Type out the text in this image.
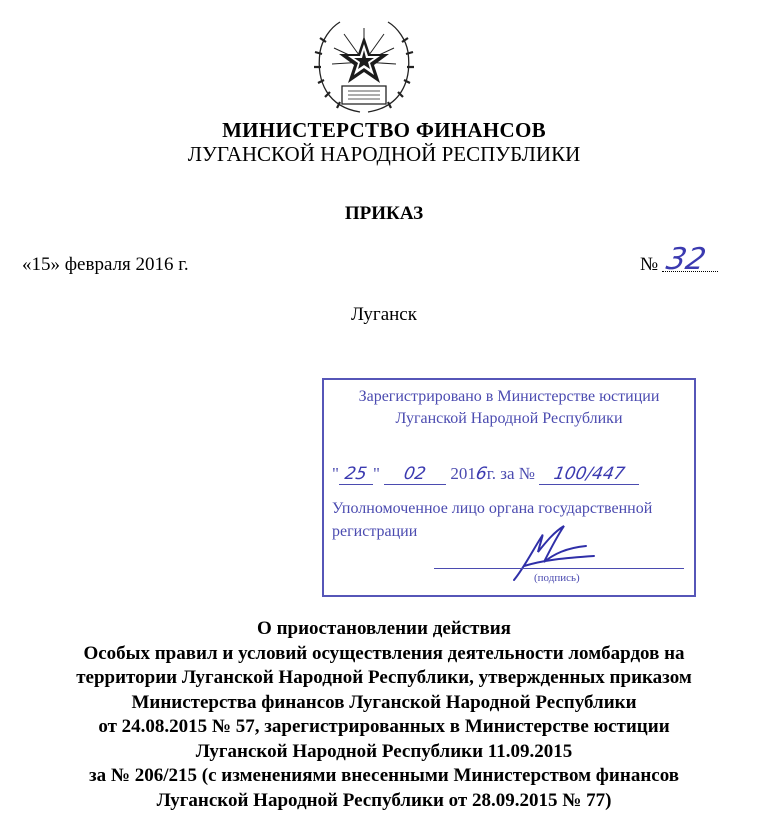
МИНИСТЕРСТВО ФИНАНСОВ
ЛУГАНСКОЙ НАРОДНОЙ РЕСПУБЛИКИ
ПРИКАЗ
«15» февраля 2016 г.	№ 32
Луганск
Зарегистрировано в Министерстве юстиции
Луганской Народной Республики
" 25 " 02 2016г. за № 100/447
Уполномоченное лицо органа государственной
регистрации
(подпись)
О приостановлении действия
Особых правил и условий осуществления деятельности ломбардов на
территории Луганской Народной Республики, утвержденных приказом
Министерства финансов Луганской Народной Республики
от 24.08.2015 № 57, зарегистрированных в Министерстве юстиции
Луганской Народной Республики 11.09.2015
за № 206/215 (с изменениями внесенными Министерством финансов
Луганской Народной Республики от 28.09.2015 № 77)
